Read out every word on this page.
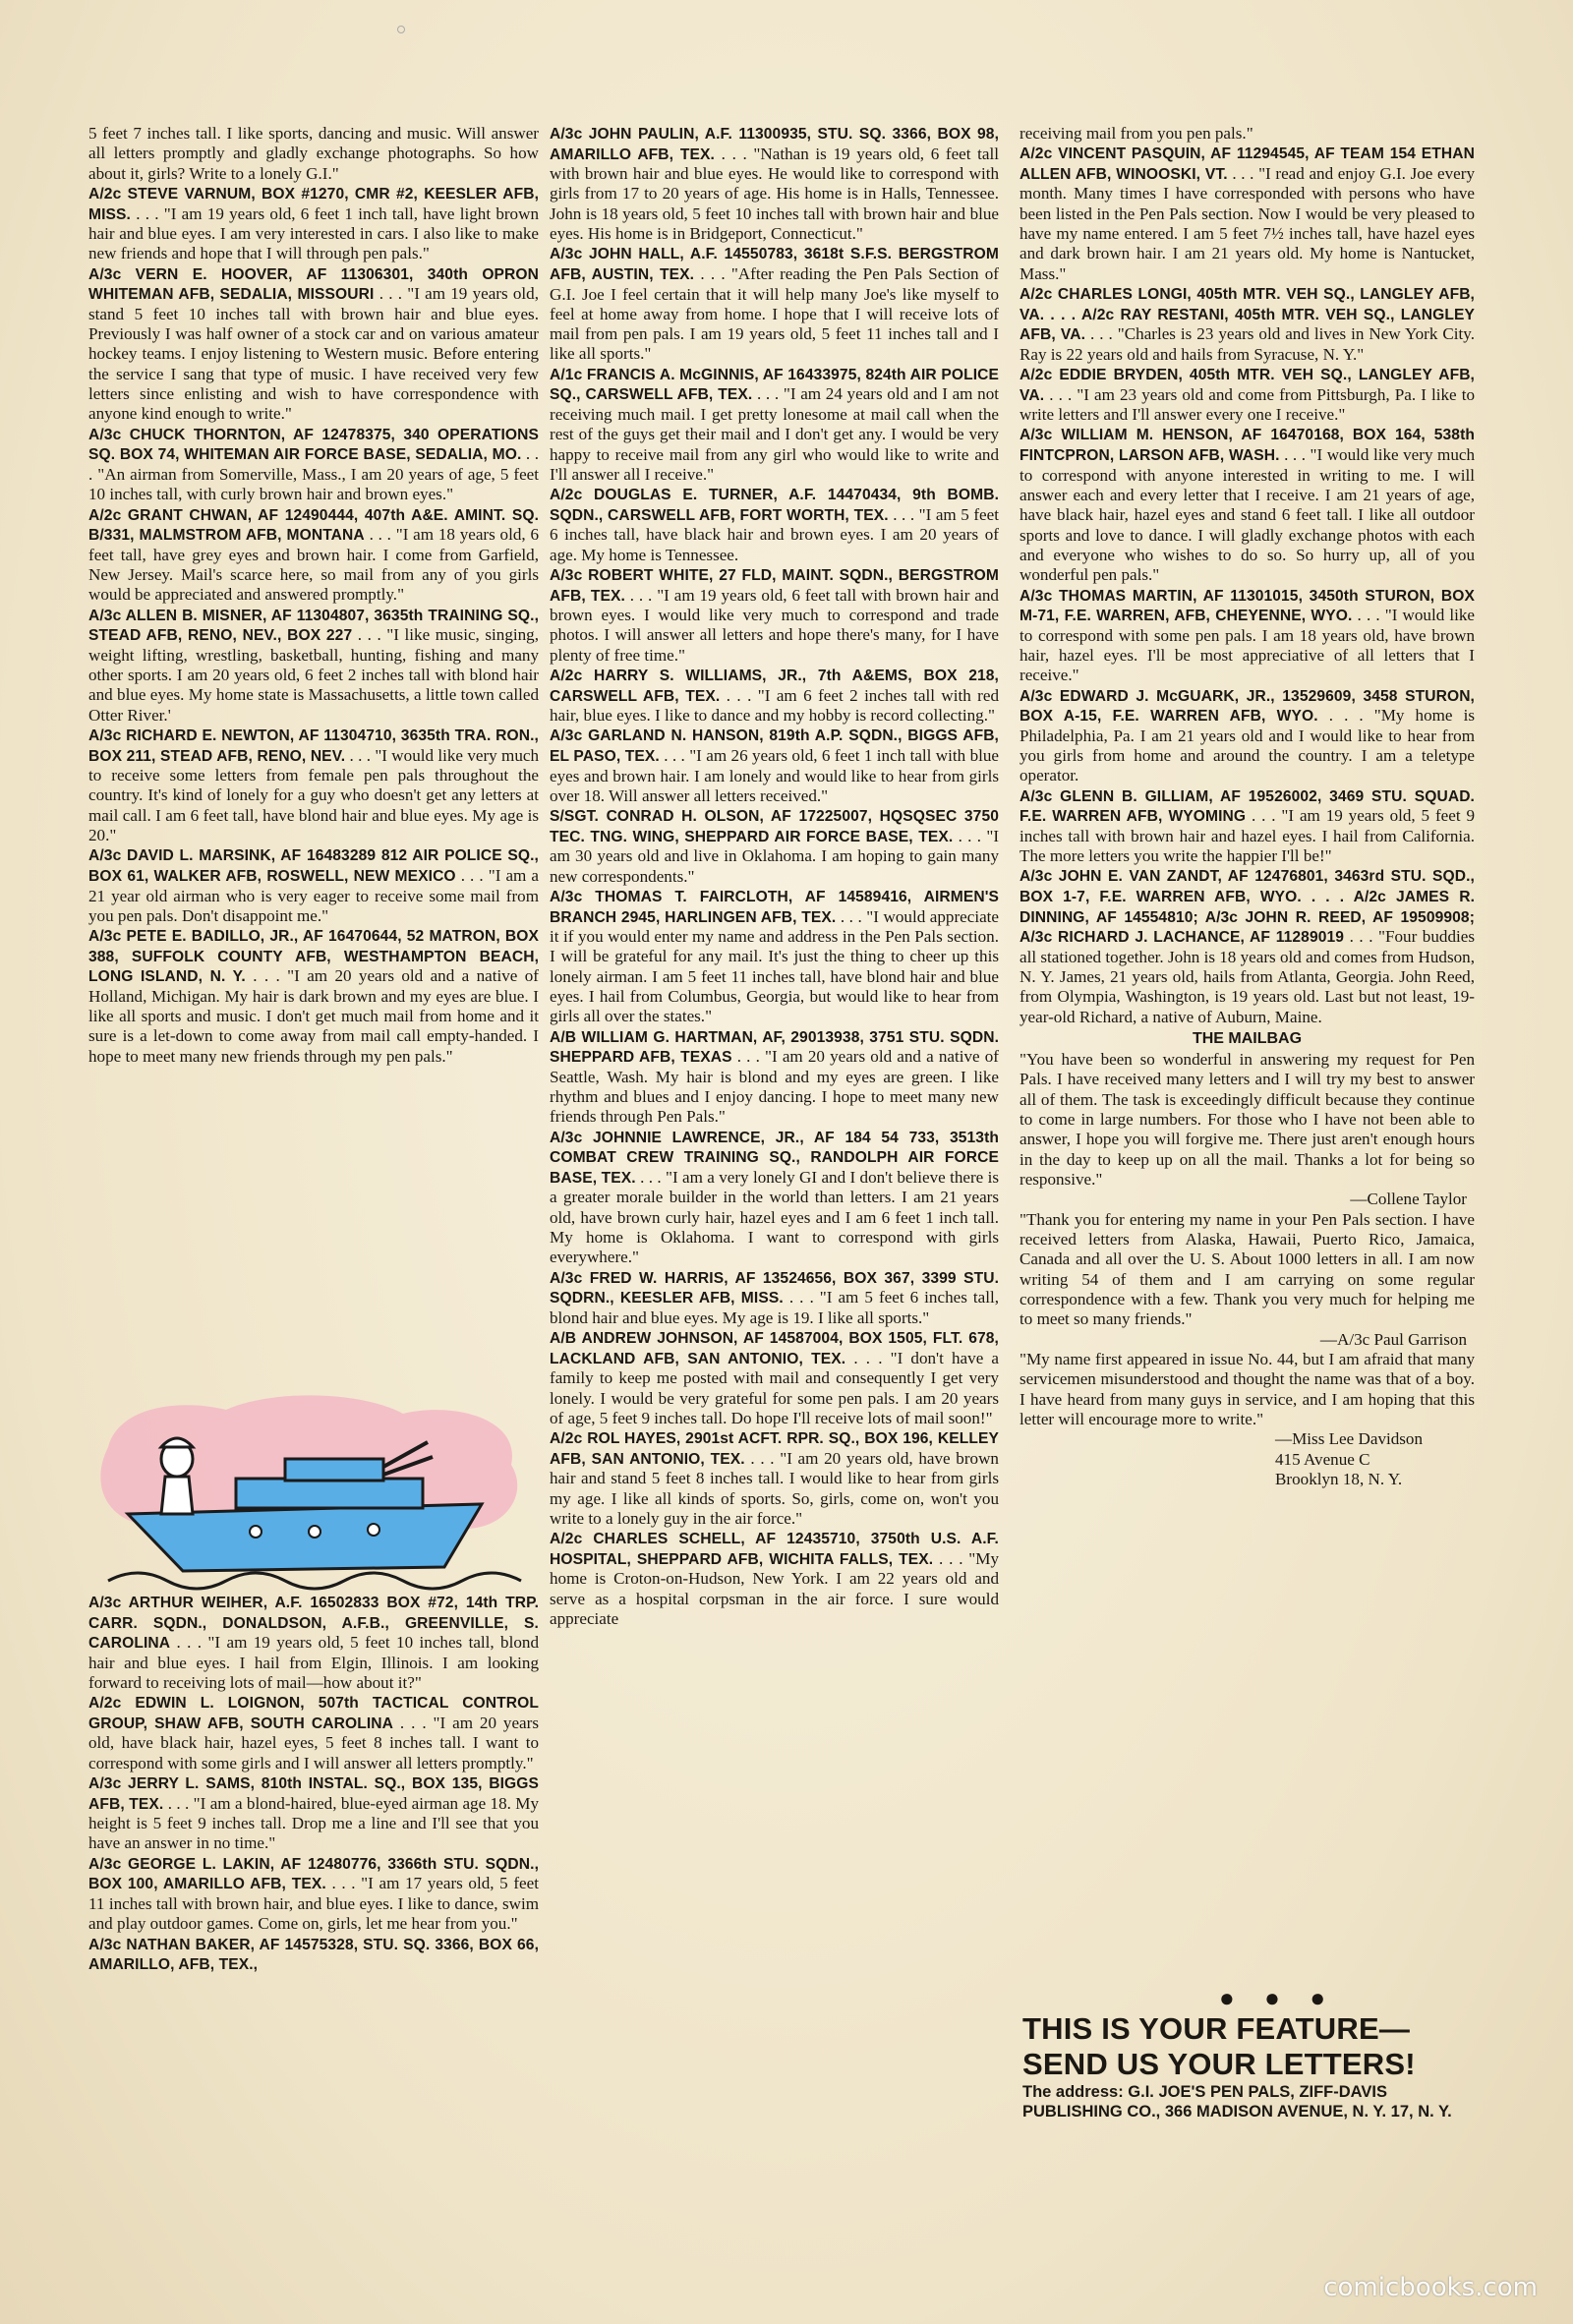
5 feet 7 inches tall. I like sports, dancing and music. Will answer all letters promptly and gladly exchange photographs. So how about it, girls? Write to a lonely G.I."

A/2c STEVE VARNUM, BOX #1270, CMR #2, KEESLER AFB, MISS. . . . "I am 19 years old, 6 feet 1 inch tall, have light brown hair and blue eyes. I am very interested in cars. I also like to make new friends and hope that I will through pen pals."

A/3c VERN E. HOOVER, AF 11306301, 340th OPRON WHITEMAN AFB, SEDALIA, MISSOURI . . . "I am 19 years old, stand 5 feet 10 inches tall with brown hair and blue eyes. Previously I was half owner of a stock car and on various amateur hockey teams. I enjoy listening to Western music. Before entering the service I sang that type of music. I have received very few letters since enlisting and wish to have correspondence with anyone kind enough to write."

A/3c CHUCK THORNTON, AF 12478375, 340 OPERATIONS SQ. BOX 74, WHITEMAN AIR FORCE BASE, SEDALIA, MO. . . . "An airman from Somerville, Mass., I am 20 years of age, 5 feet 10 inches tall, with curly brown hair and brown eyes."

A/2c GRANT CHWAN, AF 12490444, 407th A&E. AMINT. SQ. B/331, MALMSTROM AFB, MONTANA . . . "I am 18 years old, 6 feet tall, have grey eyes and brown hair. I come from Garfield, New Jersey. Mail's scarce here, so mail from any of you girls would be appreciated and answered promptly."

A/3c ALLEN B. MISNER, AF 11304807, 3635th TRAINING SQ., STEAD AFB, RENO, NEV., BOX 227 . . . "I like music, singing, weight lifting, wrestling, basketball, hunting, fishing and many other sports. I am 20 years old, 6 feet 2 inches tall with blond hair and blue eyes. My home state is Massachusetts, a little town called Otter River.'

A/3c RICHARD E. NEWTON, AF 11304710, 3635th TRA. RON., BOX 211, STEAD AFB, RENO, NEV. . . . "I would like very much to receive some letters from female pen pals throughout the country. It's kind of lonely for a guy who doesn't get any letters at mail call. I am 6 feet tall, have blond hair and blue eyes. My age is 20."

A/3c DAVID L. MARSINK, AF 16483289 812 AIR POLICE SQ., BOX 61, WALKER AFB, ROSWELL, NEW MEXICO . . . "I am a 21 year old airman who is very eager to receive some mail from you pen pals. Don't disappoint me."

A/3c PETE E. BADILLO, JR., AF 16470644, 52 MATRON, BOX 388, SUFFOLK COUNTY AFB, WESTHAMPTON BEACH, LONG ISLAND, N. Y. . . . "I am 20 years old and a native of Holland, Michigan. My hair is dark brown and my eyes are blue. I like all sports and music. I don't get much mail from home and it sure is a let-down to come away from mail call empty-handed. I hope to meet many new friends through my pen pals."

A/3c ARTHUR WEIHER, A.F. 16502833 BOX #72, 14th TRP. CARR. SQDN., DONALDSON, A.F.B., GREENVILLE, S. CAROLINA . . . "I am 19 years old, 5 feet 10 inches tall, blond hair and blue eyes. I hail from Elgin, Illinois. I am looking forward to receiving lots of mail—how about it?"

A/2c EDWIN L. LOIGNON, 507th TACTICAL CONTROL GROUP, SHAW AFB, SOUTH CAROLINA . . . "I am 20 years old, have black hair, hazel eyes, 5 feet 8 inches tall. I want to correspond with some girls and I will answer all letters promptly."

A/3c JERRY L. SAMS, 810th INSTAL. SQ., BOX 135, BIGGS AFB, TEX. . . . "I am a blond-haired, blue-eyed airman age 18. My height is 5 feet 9 inches tall. Drop me a line and I'll see that you have an answer in no time."

A/3c GEORGE L. LAKIN, AF 12480776, 3366th STU. SQDN., BOX 100, AMARILLO AFB, TEX. . . . "I am 17 years old, 5 feet 11 inches tall with brown hair, and blue eyes. I like to dance, swim and play outdoor games. Come on, girls, let me hear from you."

A/3c NATHAN BAKER, AF 14575328, STU. SQ. 3366, BOX 66, AMARILLO, AFB, TEX.,

A/3c JOHN PAULIN, A.F. 11300935, STU. SQ. 3366, BOX 98, AMARILLO AFB, TEX. . . . "Nathan is 19 years old, 6 feet tall with brown hair and blue eyes. He would like to correspond with girls from 17 to 20 years of age. His home is in Halls, Tennessee. John is 18 years old, 5 feet 10 inches tall with brown hair and blue eyes. His home is in Bridgeport, Connecticut."

A/3c JOHN HALL, A.F. 14550783, 3618t S.F.S. BERGSTROM AFB, AUSTIN, TEX. . . . "After reading the Pen Pals Section of G.I. Joe I feel certain that it will help many Joe's like myself to feel at home away from home. I hope that I will receive lots of mail from pen pals. I am 19 years old, 5 feet 11 inches tall and I like all sports."

A/1c FRANCIS A. McGINNIS, AF 16433975, 824th AIR POLICE SQ., CARSWELL AFB, TEX. . . . "I am 24 years old and I am not receiving much mail. I get pretty lonesome at mail call when the rest of the guys get their mail and I don't get any. I would be very happy to receive mail from any girl who would like to write and I'll answer all I receive."

A/2c DOUGLAS E. TURNER, A.F. 14470434, 9th BOMB. SQDN., CARSWELL AFB, FORT WORTH, TEX. . . . "I am 5 feet 6 inches tall, have black hair and brown eyes. I am 20 years of age. My home is Tennessee.

A/3c ROBERT WHITE, 27 FLD, MAINT. SQDN., BERGSTROM AFB, TEX. . . . "I am 19 years old, 6 feet tall with brown hair and brown eyes. I would like very much to correspond and trade photos. I will answer all letters and hope there's many, for I have plenty of free time."

A/2c HARRY S. WILLIAMS, JR., 7th A&EMS, BOX 218, CARSWELL AFB, TEX. . . . "I am 6 feet 2 inches tall with red hair, blue eyes. I like to dance and my hobby is record collecting."

A/3c GARLAND N. HANSON, 819th A.P. SQDN., BIGGS AFB, EL PASO, TEX. . . . "I am 26 years old, 6 feet 1 inch tall with blue eyes and brown hair. I am lonely and would like to hear from girls over 18. Will answer all letters received."

S/SGT. CONRAD H. OLSON, AF 17225007, HQSQSEC 3750 TEC. TNG. WING, SHEPPARD AIR FORCE BASE, TEX. . . . "I am 30 years old and live in Oklahoma. I am hoping to gain many new correspondents."

A/3c THOMAS T. FAIRCLOTH, AF 14589416, AIRMEN'S BRANCH 2945, HARLINGEN AFB, TEX. . . . "I would appreciate it if you would enter my name and address in the Pen Pals section. I will be grateful for any mail. It's just the thing to cheer up this lonely airman. I am 5 feet 11 inches tall, have blond hair and blue eyes. I hail from Columbus, Georgia, but would like to hear from girls all over the states."

A/B WILLIAM G. HARTMAN, AF, 29013938, 3751 STU. SQDN. SHEPPARD AFB, TEXAS . . . "I am 20 years old and a native of Seattle, Wash. My hair is blond and my eyes are green. I like rhythm and blues and I enjoy dancing. I hope to meet many new friends through Pen Pals."

A/3c JOHNNIE LAWRENCE, JR., AF 184 54 733, 3513th COMBAT CREW TRAINING SQ., RANDOLPH AIR FORCE BASE, TEX. . . . "I am a very lonely GI and I don't believe there is a greater morale builder in the world than letters. I am 21 years old, have brown curly hair, hazel eyes and I am 6 feet 1 inch tall. My home is Oklahoma. I want to correspond with girls everywhere."

A/3c FRED W. HARRIS, AF 13524656, BOX 367, 3399 STU. SQDRN., KEESLER AFB, MISS. . . . "I am 5 feet 6 inches tall, blond hair and blue eyes. My age is 19. I like all sports."

A/B ANDREW JOHNSON, AF 14587004, BOX 1505, FLT. 678, LACKLAND AFB, SAN ANTONIO, TEX. . . . "I don't have a family to keep me posted with mail and consequently I get very lonely. I would be very grateful for some pen pals. I am 20 years of age, 5 feet 9 inches tall. Do hope I'll receive lots of mail soon!"

A/2c ROL HAYES, 2901st ACFT. RPR. SQ., BOX 196, KELLEY AFB, SAN ANTONIO, TEX. . . . "I am 20 years old, have brown hair and stand 5 feet 8 inches tall. I would like to hear from girls my age. I like all kinds of sports. So, girls, come on, won't you write to a lonely guy in the air force."

A/2c CHARLES SCHELL, AF 12435710, 3750th U.S. A.F. HOSPITAL, SHEPPARD AFB, WICHITA FALLS, TEX. . . . "My home is Croton-on-Hudson, New York. I am 22 years old and serve as a hospital corpsman in the air force. I sure would appreciate

receiving mail from you pen pals."

A/2c VINCENT PASQUIN, AF 11294545, AF TEAM 154 ETHAN ALLEN AFB, WINOOSKI, VT. . . . "I read and enjoy G.I. Joe every month. Many times I have corresponded with persons who have been listed in the Pen Pals section. Now I would be very pleased to have my name entered. I am 5 feet 7½ inches tall, have hazel eyes and dark brown hair. I am 21 years old. My home is Nantucket, Mass."

A/2c CHARLES LONGI, 405th MTR. VEH SQ., LANGLEY AFB, VA. . . . A/2c RAY RESTANI, 405th MTR. VEH SQ., LANGLEY AFB, VA. . . . "Charles is 23 years old and lives in New York City. Ray is 22 years old and hails from Syracuse, N. Y."

A/2c EDDIE BRYDEN, 405th MTR. VEH SQ., LANGLEY AFB, VA. . . . "I am 23 years old and come from Pittsburgh, Pa. I like to write letters and I'll answer every one I receive."

A/3c WILLIAM M. HENSON, AF 16470168, BOX 164, 538th FINTCPRON, LARSON AFB, WASH. . . . "I would like very much to correspond with anyone interested in writing to me. I will answer each and every letter that I receive. I am 21 years of age, have black hair, hazel eyes and stand 6 feet tall. I like all outdoor sports and love to dance. I will gladly exchange photos with each and everyone who wishes to do so. So hurry up, all of you wonderful pen pals."

A/3c THOMAS MARTIN, AF 11301015, 3450th STURON, BOX M-71, F.E. WARREN, AFB, CHEYENNE, WYO. . . . "I would like to correspond with some pen pals. I am 18 years old, have brown hair, hazel eyes. I'll be most appreciative of all letters that I receive."

A/3c EDWARD J. McGUARK, JR., 13529609, 3458 STURON, BOX A-15, F.E. WARREN AFB, WYO. . . . "My home is Philadelphia, Pa. I am 21 years old and I would like to hear from you girls from home and around the country. I am a teletype operator.

A/3c GLENN B. GILLIAM, AF 19526002, 3469 STU. SQUAD. F.E. WARREN AFB, WYOMING . . . "I am 19 years old, 5 feet 9 inches tall with brown hair and hazel eyes. I hail from California. The more letters you write the happier I'll be!"

A/3c JOHN E. VAN ZANDT, AF 12476801, 3463rd STU. SQD., BOX 1-7, F.E. WARREN AFB, WYO. . . . A/2c JAMES R. DINNING, AF 14554810; A/3c JOHN R. REED, AF 19509908; A/3c RICHARD J. LACHANCE, AF 11289019 . . . "Four buddies all stationed together. John is 18 years old and comes from Hudson, N. Y. James, 21 years old, hails from Atlanta, Georgia. John Reed, from Olympia, Washington, is 19 years old. Last but not least, 19-year-old Richard, a native of Auburn, Maine.

THE MAILBAG

"You have been so wonderful in answering my request for Pen Pals. I have received many letters and I will try my best to answer all of them. The task is exceedingly difficult because they continue to come in large numbers. For those who I have not been able to answer, I hope you will forgive me. There just aren't enough hours in the day to keep up on all the mail. Thanks a lot for being so responsive."

—Collene Taylor

"Thank you for entering my name in your Pen Pals section. I have received letters from Alaska, Hawaii, Puerto Rico, Jamaica, Canada and all over the U. S. About 1000 letters in all. I am now writing 54 of them and I am carrying on some regular correspondence with a few. Thank you very much for helping me to meet so many friends."

—A/3c Paul Garrison

"My name first appeared in issue No. 44, but I am afraid that many servicemen misunderstood and thought the name was that of a boy. I have heard from many guys in service, and I am hoping that this letter will encourage more to write."

—Miss Lee Davidson

415 Avenue C

Brooklyn 18, N. Y.

● ● ●
THIS IS YOUR FEATURE—
SEND US YOUR LETTERS!
The address: G.I. JOE'S PEN PALS, ZIFF-DAVIS PUBLISHING CO., 366 MADISON AVENUE, N. Y. 17, N. Y.
comicbooks.com
